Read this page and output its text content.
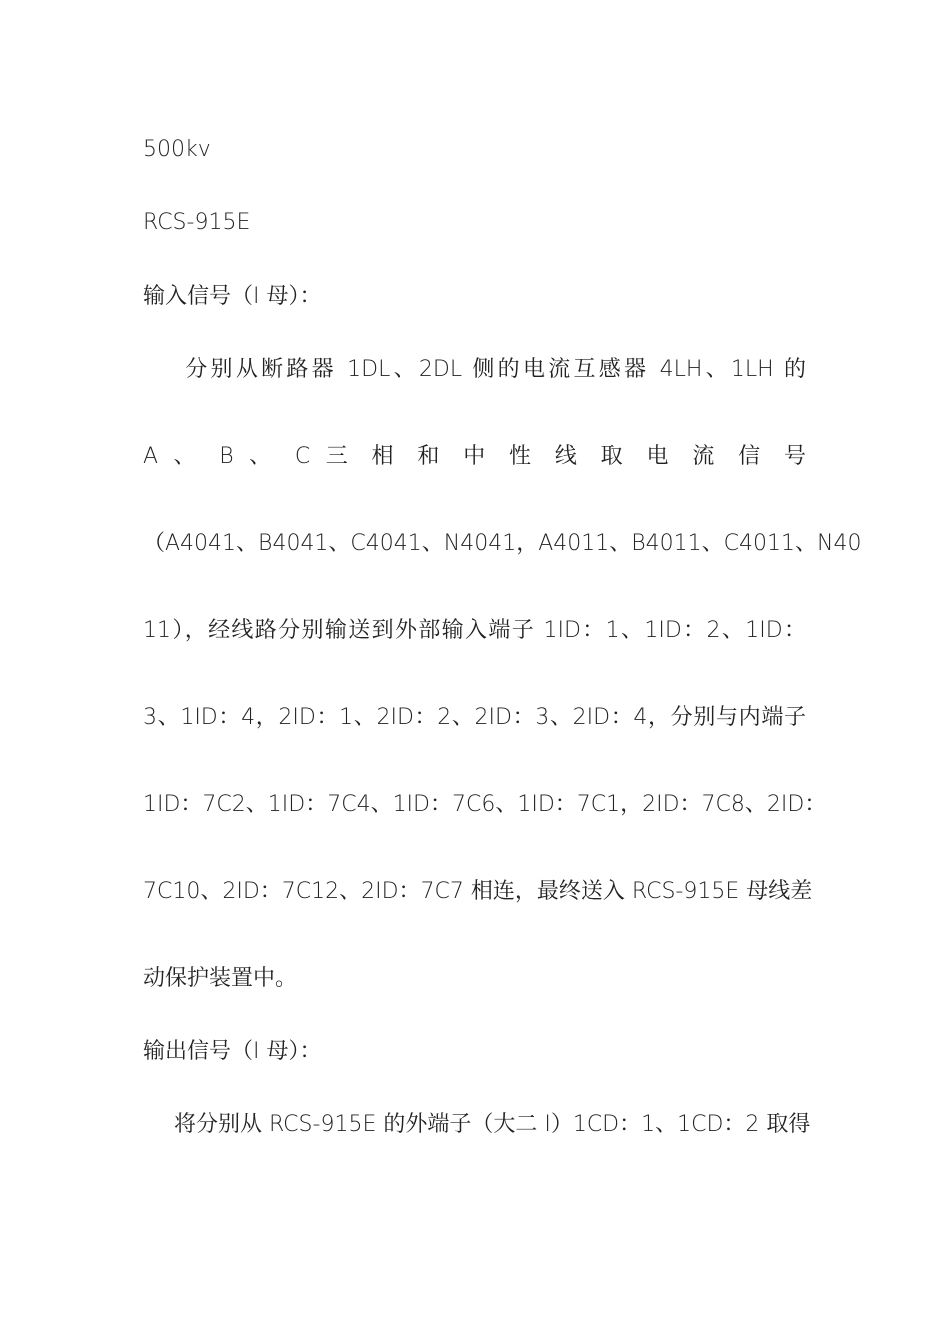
500kv
RCS-915E
输入信号（I 母）：
　分别从断路器 1DL、2DL 侧的电流互感器 4LH、1LH 的
A 、 B 、 C 三 相 和 中 性 线 取 电 流 信 号
（A4041、B4041、C4041、N4041，A4011、B4011、C4011、N40
11），经线路分别输送到外部输入端子 1ID：1、1ID：2、1ID：
3、1ID：4，2ID：1、2ID：2、2ID：3、2ID：4，分别与内端子
1ID：7C2、1ID：7C4、1ID：7C6、1ID：7C1，2ID：7C8、2ID：
7C10、2ID：7C12、2ID：7C7 相连，最终送入 RCS-915E 母线差
动保护装置中。
输出信号（I 母）：
　将分别从 RCS-915E 的外端子（大二 I）1CD：1、1CD：2 取得
